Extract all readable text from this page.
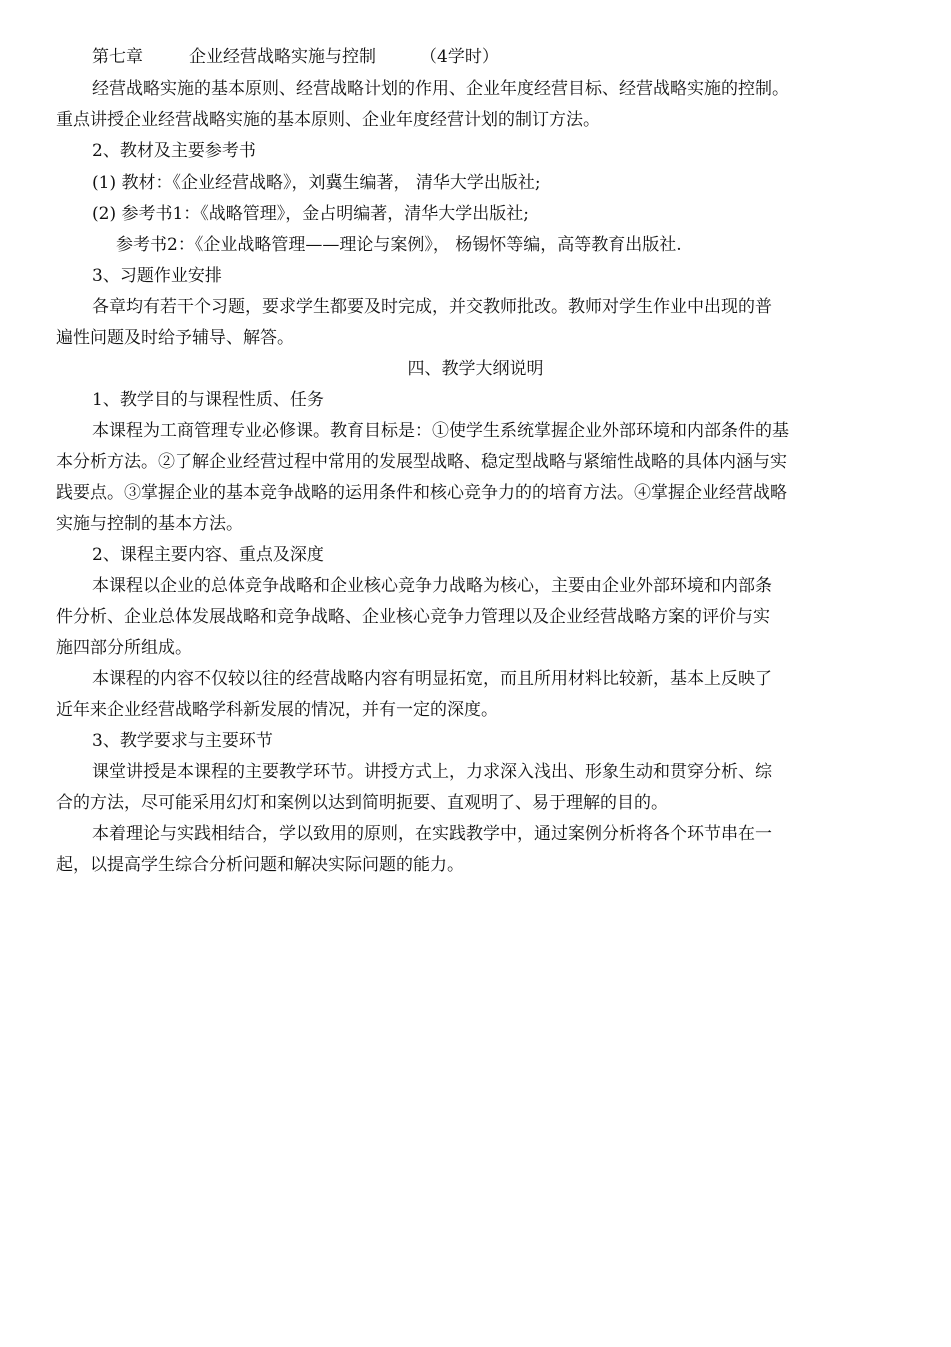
第七章	企业经营战略实施与控制	（4学时）
经营战略实施的基本原则、经营战略计划的作用、企业年度经营目标、经营战略实施的控制。
重点讲授企业经营战略实施的基本原则、企业年度经营计划的制订方法。
2、教材及主要参考书
(1) 教材：《企业经营战略》，刘冀生编著， 清华大学出版社;
(2) 参考书1：《战略管理》，金占明编著，清华大学出版社;
参考书2：《企业战略管理——理论与案例》， 杨锡怀等编，高等教育出版社.
3、习题作业安排
各章均有若干个习题，要求学生都要及时完成，并交教师批改。教师对学生作业中出现的普
遍性问题及时给予辅导、解答。
四、教学大纲说明
1、教学目的与课程性质、任务
本课程为工商管理专业必修课。教育目标是：①使学生系统掌握企业外部环境和内部条件的基
本分析方法。②了解企业经营过程中常用的发展型战略、稳定型战略与紧缩性战略的具体内涵与实
践要点。③掌握企业的基本竞争战略的运用条件和核心竞争力的的培育方法。④掌握企业经营战略
实施与控制的基本方法。
2、课程主要内容、重点及深度
本课程以企业的总体竞争战略和企业核心竞争力战略为核心，主要由企业外部环境和内部条
件分析、企业总体发展战略和竞争战略、企业核心竞争力管理以及企业经营战略方案的评价与实
施四部分所组成。
本课程的内容不仅较以往的经营战略内容有明显拓宽，而且所用材料比较新，基本上反映了
近年来企业经营战略学科新发展的情况，并有一定的深度。
3、教学要求与主要环节
课堂讲授是本课程的主要教学环节。讲授方式上，力求深入浅出、形象生动和贯穿分析、综
合的方法，尽可能采用幻灯和案例以达到简明扼要、直观明了、易于理解的目的。
本着理论与实践相结合，学以致用的原则，在实践教学中，通过案例分析将各个环节串在一
起，以提高学生综合分析问题和解决实际问题的能力。
